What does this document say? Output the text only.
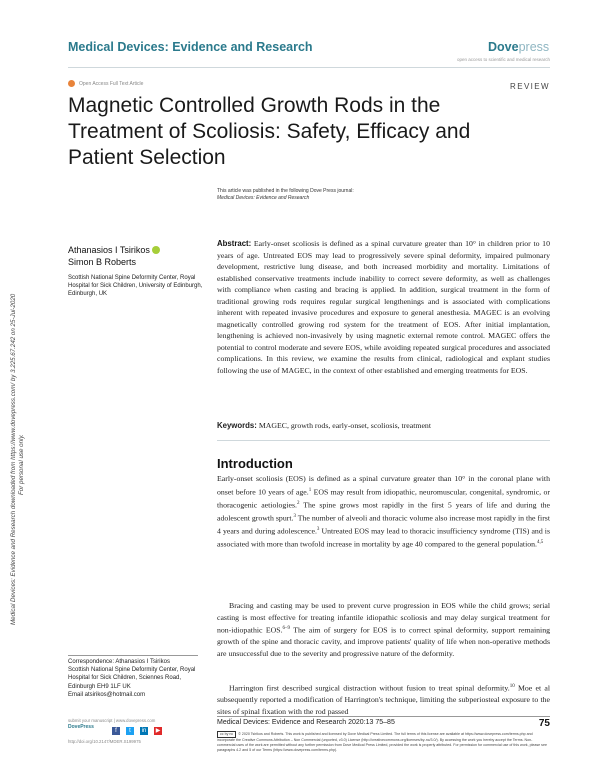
Medical Devices: Evidence and Research	Dovepress
open access to scientific and medical research
Open Access Full Text Article	REVIEW
Magnetic Controlled Growth Rods in the Treatment of Scoliosis: Safety, Efficacy and Patient Selection
This article was published in the following Dove Press journal:
Medical Devices: Evidence and Research
Athanasios I Tsirikos
Simon B Roberts
Scottish National Spine Deformity Center, Royal Hospital for Sick Children, University of Edinburgh, Edinburgh, UK
Abstract: Early-onset scoliosis is defined as a spinal curvature greater than 10° in children prior to 10 years of age. Untreated EOS may lead to progressively severe spinal deformity, impaired pulmonary development, restrictive lung disease, and both increased morbidity and mortality. Limitations of established conservative treatments include inability to correct severe deformity, as well as challenges with compliance when casting and bracing is applied. In addition, surgical treatment in the form of traditional growing rods requires regular surgical lengthenings and is associated with complications inherent with repeated invasive procedures and exposure to general anesthesia. MAGEC is an evolving magnetically controlled growing rod system for the treatment of EOS. After initial implantation, lengthening is achieved non-invasively by using magnetic external remote control. MAGEC offers the potential to control moderate and severe EOS, while avoiding repeated surgical procedures and associated complications. In this review, we examine the results from clinical, radiological and explant studies following the use of MAGEC, in the context of other established and emerging treatments for EOS.
Keywords: MAGEC, growth rods, early-onset, scoliosis, treatment
Introduction
Early-onset scoliosis (EOS) is defined as a spinal curvature greater than 10° in the coronal plane with onset before 10 years of age.$^1$ EOS may result from idiopathic, neuromuscular, congenital, syndromic, or thoracogenic aetiologies.$^2$ The spine grows most rapidly in the first 5 years of life and during the adolescent growth spurt.$^3$ The number of alveoli and thoracic volume also increase most rapidly in the first 4 years and during adolescence.$^3$ Untreated EOS may lead to thoracic insufficiency syndrome (TIS) and is associated with more than twofold increase in mortality by age 40 compared to the general population.$^{4,5}$
Bracing and casting may be used to prevent curve progression in EOS while the child grows; serial casting is most effective for treating infantile idiopathic scoliosis and may delay surgical treatment for non-idiopathic EOS.$^{6-9}$ The aim of surgery for EOS is to correct spinal deformity, support remaining growth of the spine and thoracic cavity, and improve patients' quality of life when non-operative methods are unsuccessful due to the severity and progressive nature of the deformity.
Harrington first described surgical distraction without fusion to treat spinal deformity.$^{10}$ Moe et al subsequently reported a modification of Harrington's technique, limiting the subperiosteal exposure to the sites of spinal fixation with the rod passed
Correspondence: Athanasios I Tsirikos
Scottish National Spine Deformity Center, Royal Hospital for Sick Children, Sciennes Road, Edinburgh EH9 1LF UK
Email atsirikos@hotmail.com
submit your manuscript | www.dovepress.com
DovePress
http://doi.org/10.2147/MDER.S199975
f	t	in ▶
Medical Devices: Evidence and Research 2020:13 75–85	75
cc by nc © 2020 Tsirikos and Roberts. This work is published and licensed by Dove Medical Press Limited. The full terms of this license are available at https://www.dovepress.com/terms.php and incorporate the Creative Commons Attribution – Non Commercial (unported, v3.0) License (http://creativecommons.org/licenses/by-nc/3.0/). By accessing the work you hereby accept the Terms. Non-commercial uses of the work are permitted without any further permission from Dove Medical Press Limited, provided the work is properly attributed. For permission for commercial use of this work, please see paragraphs 4.2 and 5 of our Terms (https://www.dovepress.com/terms.php).
Medical Devices: Evidence and Research downloaded from https://www.dovepress.com/ by 3.225.67.242 on 25-Jul-2020 For personal use only.
